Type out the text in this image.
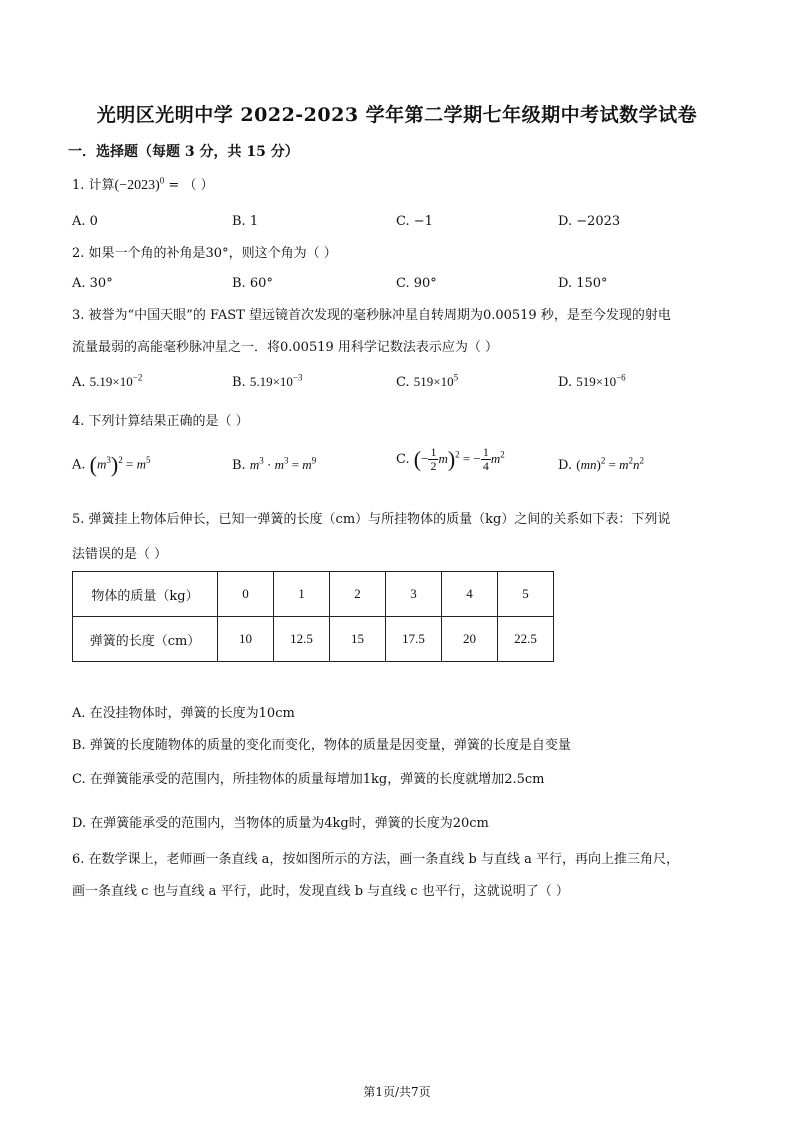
光明区光明中学 2022-2023 学年第二学期七年级期中考试数学试卷
一．选择题（每题 3 分，共 15 分）
1. 计算$(-2023)^0$ = （ ）
A. 0	B. 1	C. −1	D. −2023
2. 如果一个角的补角是30°，则这个角为（ ）
A. 30°	B. 60°	C. 90°	D. 150°
3. 被誉为“中国天眼”的 FAST 望远镜首次发现的毫秒脉冲星自转周期为0.00519 秒，是至今发现的射电
流量最弱的高能毫秒脉冲星之一．将0.00519 用科学记数法表示应为（ ）
A. $5.19\times 10^{-2}$	B. $5.19\times 10^{-3}$	C. $519\times 10^5$	D. $519\times 10^{-6}$
4. 下列计算结果正确的是（ ）
A. $(m^3)^2 = m^5$	B. $m^3 \cdot m^3 = m^9$	C. (− $\frac{1}{2} m)^2$ = − $\frac{1}{4} m^2$
D. $(mn)^2 = m^2n^2$
5. 弹簧挂上物体后伸长，已知一弹簧的长度（cm）与所挂物体的质量（kg）之间的关系如下表：下列说
法错误的是（ ）
物体的质量（kg）	0	1	2	3	4	5
弹簧的长度（cm）	10	12.5	15	17.5	20	22.5
A. 在没挂物体时，弹簧的长度为10cm
B. 弹簧的长度随物体的质量的变化而变化，物体的质量是因变量，弹簧的长度是自变量
C. 在弹簧能承受的范围内，所挂物体的质量每增加1kg，弹簧的长度就增加2.5cm
D. 在弹簧能承受的范围内，当物体的质量为4kg时，弹簧的长度为20cm
6. 在数学课上，老师画一条直线 a，按如图所示的方法，画一条直线 b 与直线 a 平行，再向上推三角尺，
画一条直线 c 也与直线 a 平行，此时，发现直线 b 与直线 c 也平行，这就说明了（ ）
第1页/共7页
